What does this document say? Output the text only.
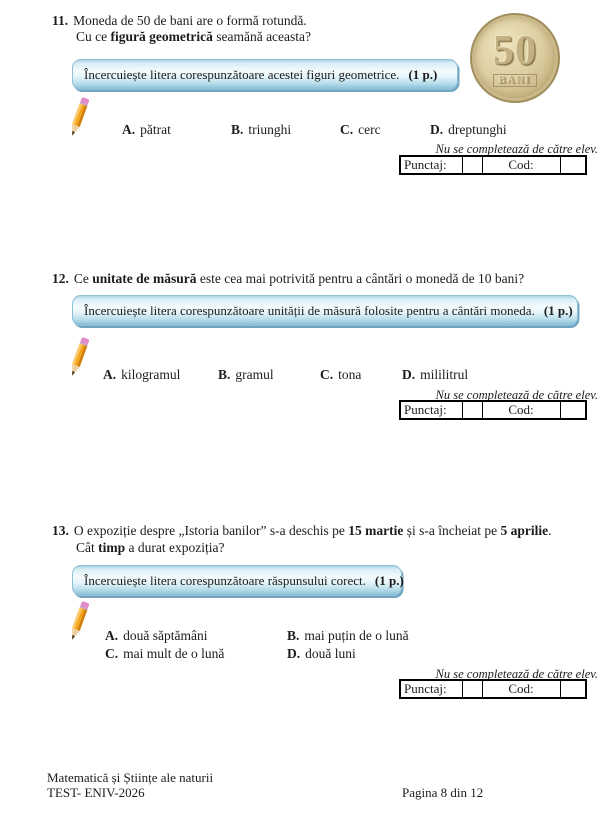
11. Moneda de 50 de bani are o formă rotundă.

Cu ce figură geometrică seamănă aceasta?	50
BANI
Încercuiește litera corespunzătoare acestei figuri geometrice. (1 p.)
A. pătrat	B. triunghi	C. cerc	D. dreptunghi
Nu se completează de către elev.
Punctaj:		Cod:	

12. Ce unitate de măsură este cea mai potrivită pentru a cântări o monedă de 10 bani?

Încercuiește litera corespunzătoare unității de măsură folosite pentru a cântări moneda. (1 p.)
A. kilogramul	B. gramul	C. tona	D. mililitrul
Nu se completează de către elev.
Punctaj:		Cod:	

13. O expoziție despre „Istoria banilor” s-a deschis pe 15 martie și s-a încheiat pe 5 aprilie.

Cât timp a durat expoziția?

Încercuiește litera corespunzătoare răspunsului corect. (1 p.)
A. două săptămâni	B. mai puțin de o lună
C. mai mult de o lună	D. două luni
Nu se completează de către elev.
Punctaj:		Cod:	
Matematică și Științe ale naturii
TEST- ENIV-2026	Pagina 8 din 12
